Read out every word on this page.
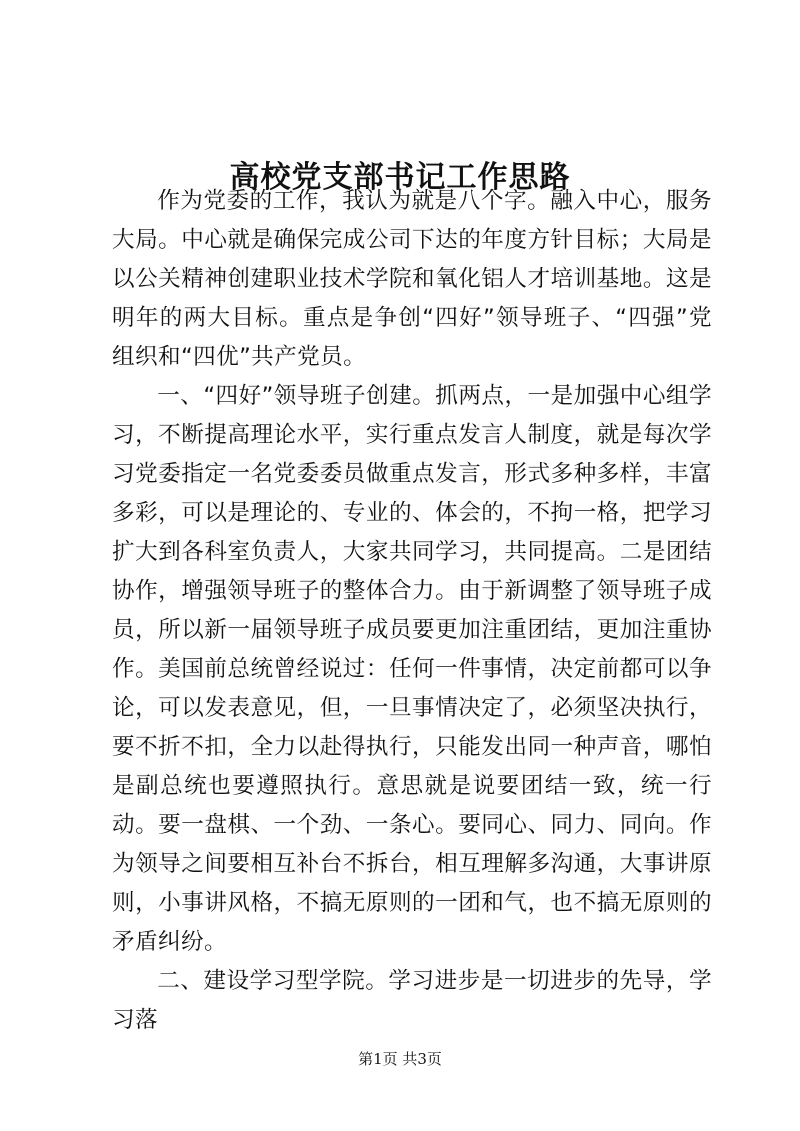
高校党支部书记工作思路

作为党委的工作，我认为就是八个字。融入中心，服务大局。中心就是确保完成公司下达的年度方针目标；大局是以公关精神创建职业技术学院和氧化铝人才培训基地。这是明年的两大目标。重点是争创“四好”领导班子、“四强”党组织和“四优”共产党员。

一、“四好”领导班子创建。抓两点，一是加强中心组学习，不断提高理论水平，实行重点发言人制度，就是每次学习党委指定一名党委委员做重点发言，形式多种多样，丰富多彩，可以是理论的、专业的、体会的，不拘一格，把学习扩大到各科室负责人，大家共同学习，共同提高。二是团结协作，增强领导班子的整体合力。由于新调整了领导班子成员，所以新一届领导班子成员要更加注重团结，更加注重协作。美国前总统曾经说过：任何一件事情，决定前都可以争论，可以发表意见，但，一旦事情决定了，必须坚决执行，要不折不扣，全力以赴得执行，只能发出同一种声音，哪怕是副总统也要遵照执行。意思就是说要团结一致，统一行动。要一盘棋、一个劲、一条心。要同心、同力、同向。作为领导之间要相互补台不拆台，相互理解多沟通，大事讲原则，小事讲风格，不搞无原则的一团和气，也不搞无原则的矛盾纠纷。

二、建设学习型学院。学习进步是一切进步的先导，学习落

第1页 共3页
